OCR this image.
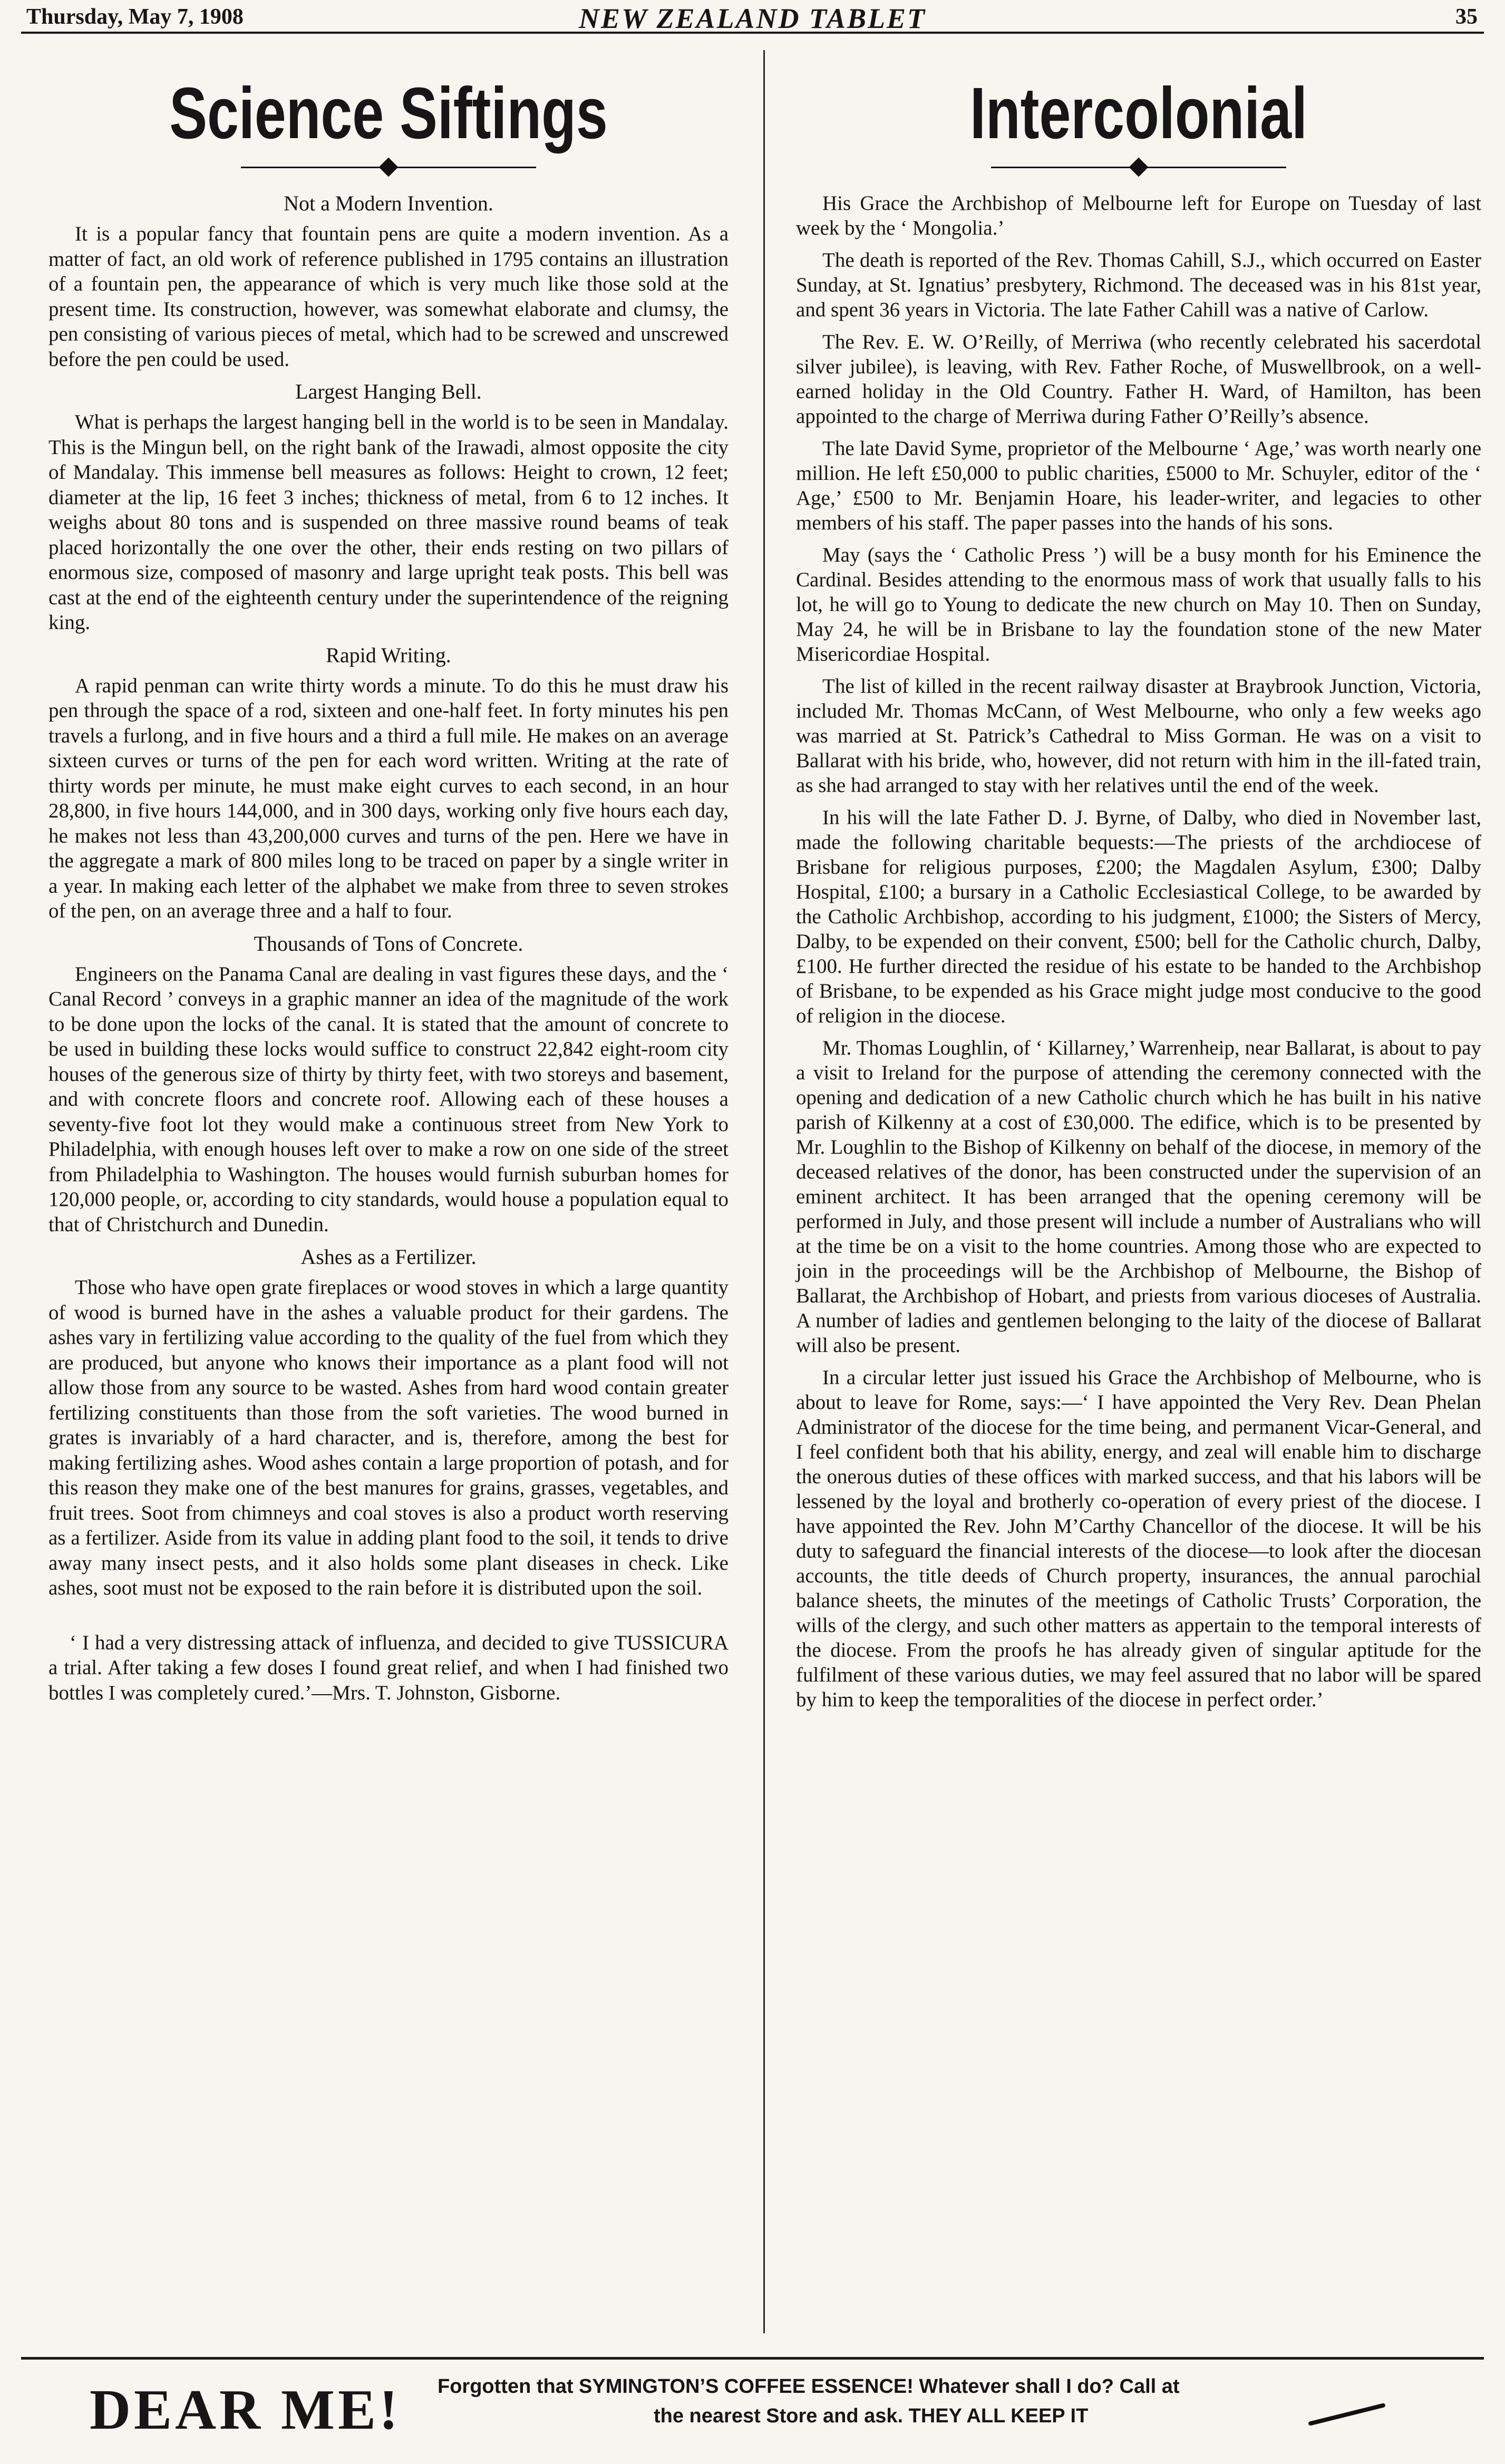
Thursday, May 7, 1908	NEW ZEALAND TABLET	35
Science Siftings
Not a Modern Invention.

It is a popular fancy that fountain pens are quite a modern invention. As a matter of fact, an old work of reference published in 1795 contains an illustration of a fountain pen, the appearance of which is very much like those sold at the present time. Its construction, however, was somewhat elaborate and clumsy, the pen consisting of various pieces of metal, which had to be screwed and unscrewed before the pen could be used.

Largest Hanging Bell.

What is perhaps the largest hanging bell in the world is to be seen in Mandalay. This is the Mingun bell, on the right bank of the Irawadi, almost opposite the city of Mandalay. This immense bell measures as follows: Height to crown, 12 feet; diameter at the lip, 16 feet 3 inches; thickness of metal, from 6 to 12 inches. It weighs about 80 tons and is suspended on three massive round beams of teak placed horizontally the one over the other, their ends resting on two pillars of enormous size, composed of masonry and large upright teak posts. This bell was cast at the end of the eighteenth century under the superintendence of the reigning king.

Rapid Writing.

A rapid penman can write thirty words a minute. To do this he must draw his pen through the space of a rod, sixteen and one-half feet. In forty minutes his pen travels a furlong, and in five hours and a third a full mile. He makes on an average sixteen curves or turns of the pen for each word written. Writing at the rate of thirty words per minute, he must make eight curves to each second, in an hour 28,800, in five hours 144,000, and in 300 days, working only five hours each day, he makes not less than 43,200,000 curves and turns of the pen. Here we have in the aggregate a mark of 800 miles long to be traced on paper by a single writer in a year. In making each letter of the alphabet we make from three to seven strokes of the pen, on an average three and a half to four.

Thousands of Tons of Concrete.

Engineers on the Panama Canal are dealing in vast figures these days, and the ‘ Canal Record ’ conveys in a graphic manner an idea of the magnitude of the work to be done upon the locks of the canal. It is stated that the amount of concrete to be used in building these locks would suffice to construct 22,842 eight-room city houses of the generous size of thirty by thirty feet, with two storeys and basement, and with concrete floors and concrete roof. Allowing each of these houses a seventy-five foot lot they would make a continuous street from New York to Philadelphia, with enough houses left over to make a row on one side of the street from Philadelphia to Washington. The houses would furnish suburban homes for 120,000 people, or, according to city standards, would house a population equal to that of Christchurch and Dunedin.

Ashes as a Fertilizer.

Those who have open grate fireplaces or wood stoves in which a large quantity of wood is burned have in the ashes a valuable product for their gardens. The ashes vary in fertilizing value according to the quality of the fuel from which they are produced, but anyone who knows their importance as a plant food will not allow those from any source to be wasted. Ashes from hard wood contain greater fertilizing constituents than those from the soft varieties. The wood burned in grates is invariably of a hard character, and is, therefore, among the best for making fertilizing ashes. Wood ashes contain a large proportion of potash, and for this reason they make one of the best manures for grains, grasses, vegetables, and fruit trees. Soot from chimneys and coal stoves is also a product worth reserving as a fertilizer. Aside from its value in adding plant food to the soil, it tends to drive away many insect pests, and it also holds some plant diseases in check. Like ashes, soot must not be exposed to the rain before it is distributed upon the soil.

‘ I had a very distressing attack of influenza, and decided to give TUSSICURA a trial. After taking a few doses I found great relief, and when I had finished two bottles I was completely cured.’—Mrs. T. Johnston, Gisborne.

Intercolonial

His Grace the Archbishop of Melbourne left for Europe on Tuesday of last week by the ‘ Mongolia.’

The death is reported of the Rev. Thomas Cahill, S.J., which occurred on Easter Sunday, at St. Ignatius’ presbytery, Richmond. The deceased was in his 81st year, and spent 36 years in Victoria. The late Father Cahill was a native of Carlow.

The Rev. E. W. O’Reilly, of Merriwa (who recently celebrated his sacerdotal silver jubilee), is leaving, with Rev. Father Roche, of Muswellbrook, on a well-earned holiday in the Old Country. Father H. Ward, of Hamilton, has been appointed to the charge of Merriwa during Father O’Reilly’s absence.

The late David Syme, proprietor of the Melbourne ‘ Age,’ was worth nearly one million. He left £50,000 to public charities, £5000 to Mr. Schuyler, editor of the ‘ Age,’ £500 to Mr. Benjamin Hoare, his leader-writer, and legacies to other members of his staff. The paper passes into the hands of his sons.

May (says the ‘ Catholic Press ’) will be a busy month for his Eminence the Cardinal. Besides attending to the enormous mass of work that usually falls to his lot, he will go to Young to dedicate the new church on May 10. Then on Sunday, May 24, he will be in Brisbane to lay the foundation stone of the new Mater Misericordiae Hospital.

The list of killed in the recent railway disaster at Braybrook Junction, Victoria, included Mr. Thomas McCann, of West Melbourne, who only a few weeks ago was married at St. Patrick’s Cathedral to Miss Gorman. He was on a visit to Ballarat with his bride, who, however, did not return with him in the ill-fated train, as she had arranged to stay with her relatives until the end of the week.

In his will the late Father D. J. Byrne, of Dalby, who died in November last, made the following charitable bequests:—The priests of the archdiocese of Brisbane for religious purposes, £200; the Magdalen Asylum, £300; Dalby Hospital, £100; a bursary in a Catholic Ecclesiastical College, to be awarded by the Catholic Archbishop, according to his judgment, £1000; the Sisters of Mercy, Dalby, to be expended on their convent, £500; bell for the Catholic church, Dalby, £100. He further directed the residue of his estate to be handed to the Archbishop of Brisbane, to be expended as his Grace might judge most conducive to the good of religion in the diocese.

Mr. Thomas Loughlin, of ‘ Killarney,’ Warrenheip, near Ballarat, is about to pay a visit to Ireland for the purpose of attending the ceremony connected with the opening and dedication of a new Catholic church which he has built in his native parish of Kilkenny at a cost of £30,000. The edifice, which is to be presented by Mr. Loughlin to the Bishop of Kilkenny on behalf of the diocese, in memory of the deceased relatives of the donor, has been constructed under the supervision of an eminent architect. It has been arranged that the opening ceremony will be performed in July, and those present will include a number of Australians who will at the time be on a visit to the home countries. Among those who are expected to join in the proceedings will be the Archbishop of Melbourne, the Bishop of Ballarat, the Archbishop of Hobart, and priests from various dioceses of Australia. A number of ladies and gentlemen belonging to the laity of the diocese of Ballarat will also be present.

In a circular letter just issued his Grace the Archbishop of Melbourne, who is about to leave for Rome, says:—‘ I have appointed the Very Rev. Dean Phelan Administrator of the diocese for the time being, and permanent Vicar-General, and I feel confident both that his ability, energy, and zeal will enable him to discharge the onerous duties of these offices with marked success, and that his labors will be lessened by the loyal and brotherly co-operation of every priest of the diocese. I have appointed the Rev. John M’Carthy Chancellor of the diocese. It will be his duty to safeguard the financial interests of the diocese—to look after the diocesan accounts, the title deeds of Church property, insurances, the annual parochial balance sheets, the minutes of the meetings of Catholic Trusts’ Corporation, the wills of the clergy, and such other matters as appertain to the temporal interests of the diocese. From the proofs he has already given of singular aptitude for the fulfilment of these various duties, we may feel assured that no labor will be spared by him to keep the temporalities of the diocese in perfect order.’

DEAR ME! Forgotten that SYMINGTON’S COFFEE ESSENCE! Whatever shall I do? Call at
the nearest Store and ask. THEY ALL KEEP IT
